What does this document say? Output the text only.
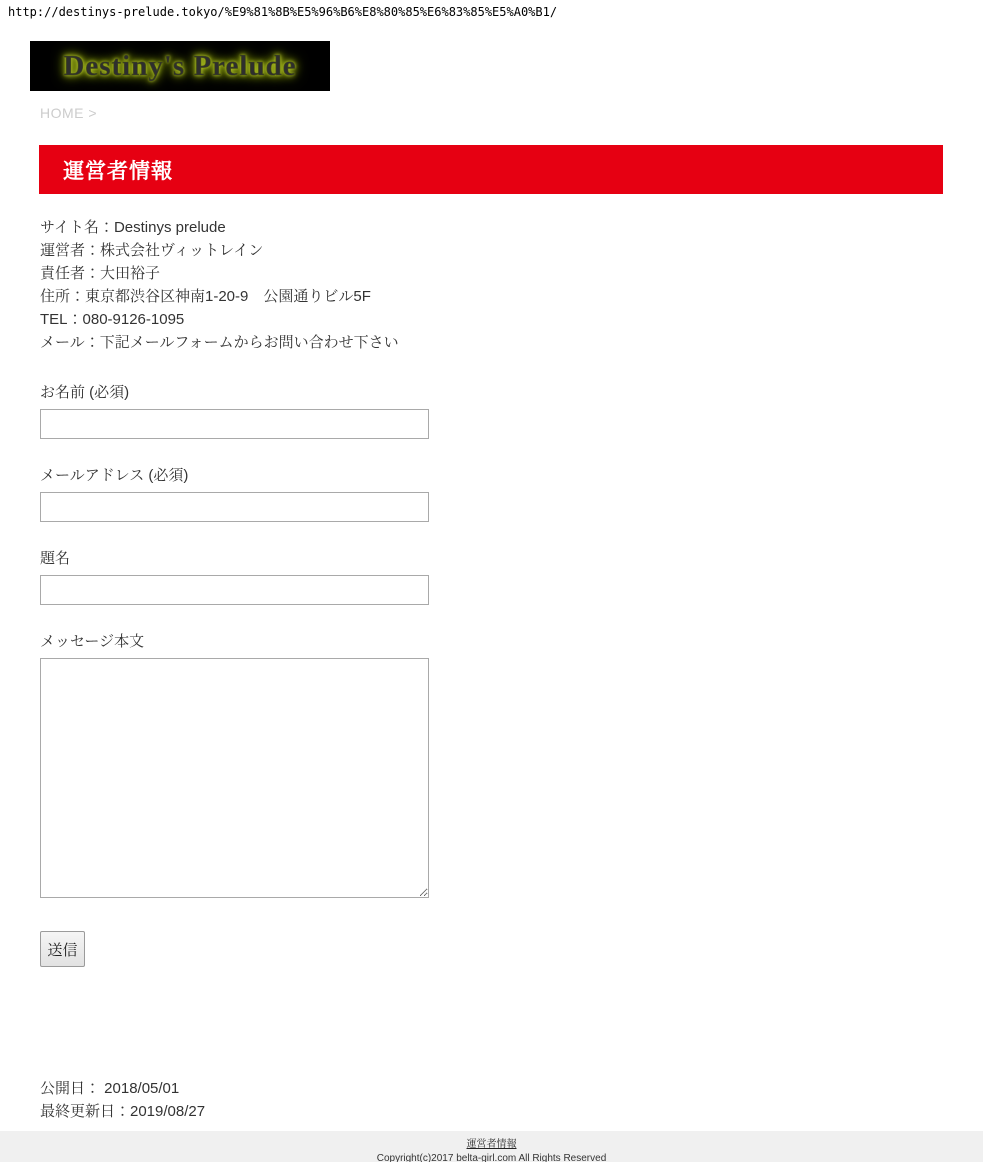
http://destinys-prelude.tokyo/%E9%81%8B%E5%96%B6%E8%80%85%E6%83%85%E5%A0%B1/
Destiny's Prelude
HOME >
運営者情報
サイト名：Destinys prelude
運営者：株式会社ヴィットレイン
責任者：大田裕子
住所：東京都渋谷区神南1-20-9　公園通りビル5F
TEL：080-9126-1095
メール：下記メールフォームからお問い合わせ下さい
お名前 (必須)
メールアドレス (必須)
題名
メッセージ本文
送信
公開日： 2018/05/01
最終更新日：2019/08/27
運営者情報
Copyright(c)2017 belta-girl.com All Rights Reserved
